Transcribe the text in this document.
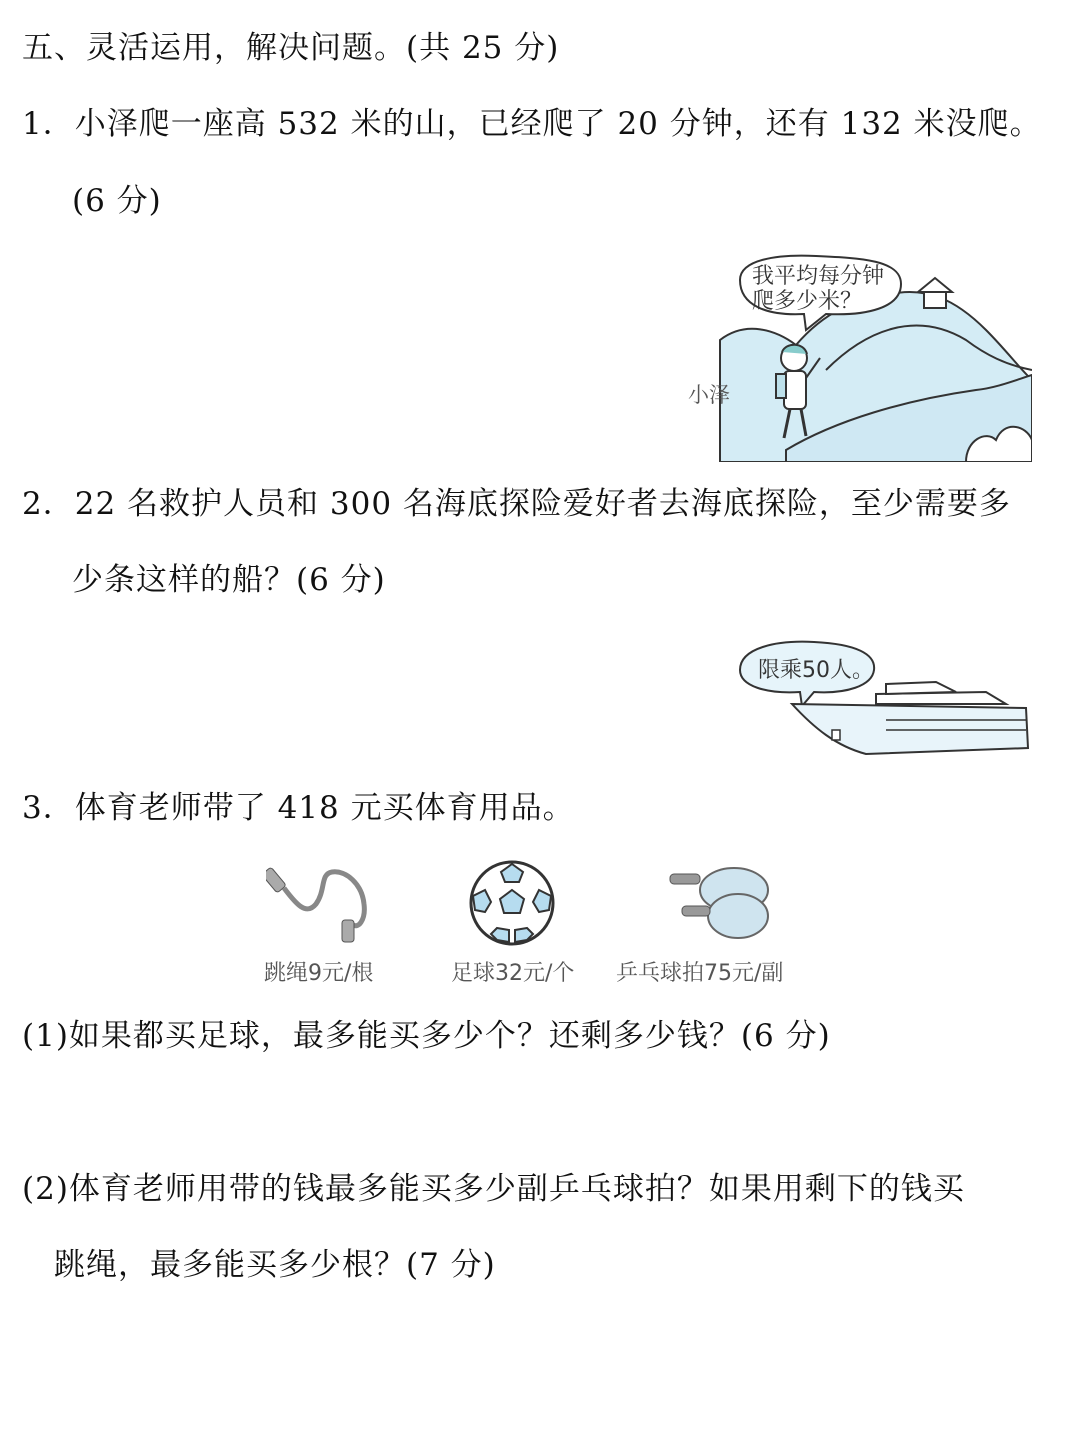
五、灵活运用，解决问题。(共 25 分)
1．小泽爬一座高 532 米的山，已经爬了 20 分钟，还有 132 米没爬。
(6 分)
我平均每分钟
爬多少米？
小泽
2．22 名救护人员和 300 名海底探险爱好者去海底探险，至少需要多
少条这样的船？(6 分)
限乘50人。
3．体育老师带了 418 元买体育用品。
跳绳9元/根	足球32元/个 乒乓球拍75元/副
(1)如果都买足球，最多能买多少个？还剩多少钱？(6 分)
(2)体育老师用带的钱最多能买多少副乒乓球拍？如果用剩下的钱买
跳绳，最多能买多少根？(7 分)
